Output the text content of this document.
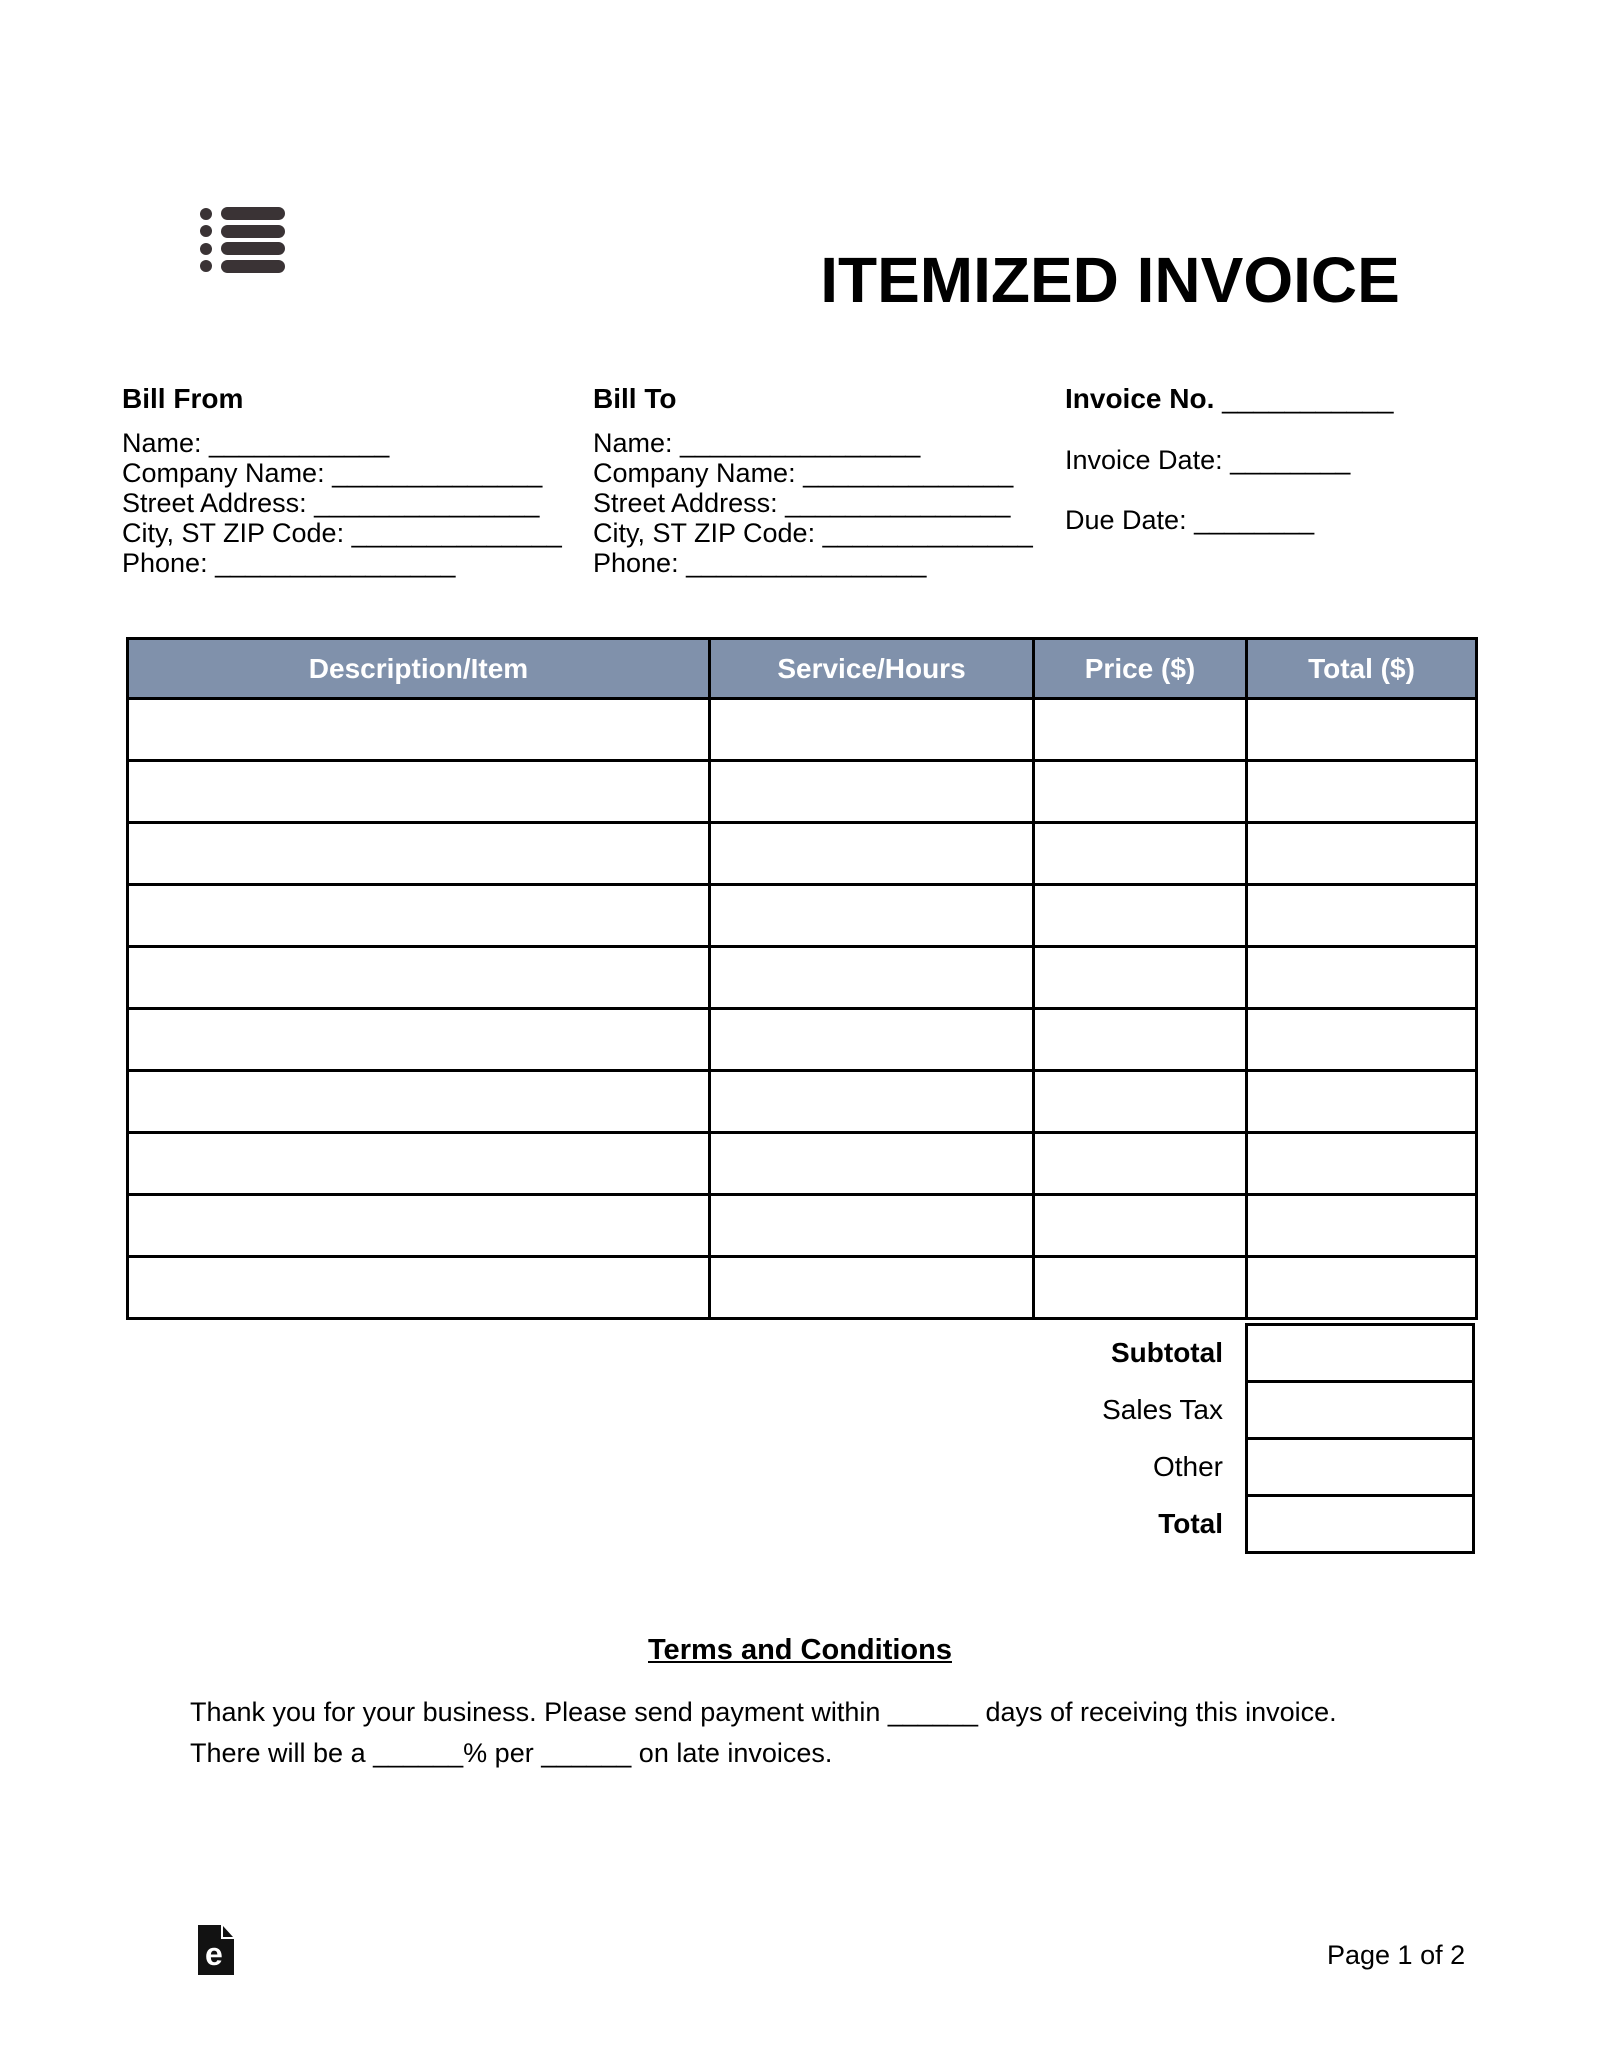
ITEMIZED INVOICE
Bill From
Name: ____________
Company Name: ______________
Street Address: _______________
City, ST ZIP Code: ______________
Phone: ________________
Bill To
Name: ________________
Company Name: ______________
Street Address: _______________
City, ST ZIP Code: ______________
Phone: ________________
Invoice No. ___________
Invoice Date: ________
Due Date: ________
Description/Item	Service/Hours	Price ($)	Total ($)

Subtotal
Sales Tax
Other
Total
Terms and Conditions
Thank you for your business. Please send payment within ______ days of receiving this invoice. There will be a ______% per ______ on late invoices.
e	Page 1 of 2
